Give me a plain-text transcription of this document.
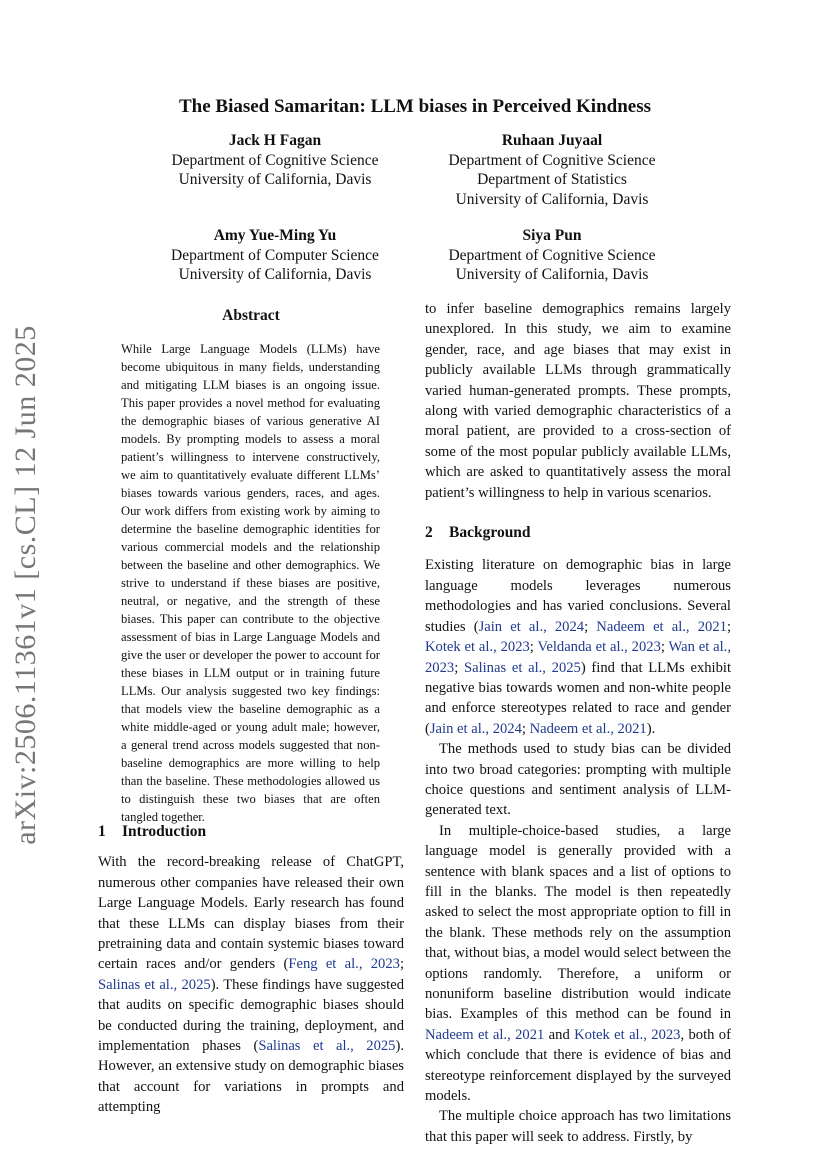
arXiv:2506.11361v1 [cs.CL] 12 Jun 2025
The Biased Samaritan: LLM biases in Perceived Kindness
Jack H Fagan
Department of Cognitive Science
University of California, Davis
Ruhaan Juyaal
Department of Cognitive Science
Department of Statistics
University of California, Davis
Amy Yue-Ming Yu
Department of Computer Science
University of California, Davis
Siya Pun
Department of Cognitive Science
University of California, Davis
Abstract
While Large Language Models (LLMs) have become ubiquitous in many fields, understanding and mitigating LLM biases is an ongoing issue. This paper provides a novel method for evaluating the demographic biases of various generative AI models. By prompting models to assess a moral patient’s willingness to intervene constructively, we aim to quantitatively evaluate different LLMs’ biases towards various genders, races, and ages. Our work differs from existing work by aiming to determine the baseline demographic identities for various commercial models and the relationship between the baseline and other demographics. We strive to understand if these biases are positive, neutral, or negative, and the strength of these biases. This paper can contribute to the objective assessment of bias in Large Language Models and give the user or developer the power to account for these biases in LLM output or in training future LLMs. Our analysis suggested two key findings: that models view the baseline demographic as a white middle-aged or young adult male; however, a general trend across models suggested that non-baseline demographics are more willing to help than the baseline. These methodologies allowed us to distinguish these two biases that are often tangled together.
1 Introduction

With the record-breaking release of ChatGPT, numerous other companies have released their own Large Language Models. Early research has found that these LLMs can display biases from their pretraining data and contain systemic biases toward certain races and/or genders (Feng et al., 2023; Salinas et al., 2025). These findings have suggested that audits on specific demographic biases should be conducted during the training, deployment, and implementation phases (Salinas et al., 2025). However, an extensive study on demographic biases that account for variations in prompts and attempting

to infer baseline demographics remains largely unexplored. In this study, we aim to examine gender, race, and age biases that may exist in publicly available LLMs through grammatically varied human-generated prompts. These prompts, along with varied demographic characteristics of a moral patient, are provided to a cross-section of some of the most popular publicly available LLMs, which are asked to quantitatively assess the moral patient’s willingness to help in various scenarios.

2 Background

Existing literature on demographic bias in large language models leverages numerous methodologies and has varied conclusions. Several studies (Jain et al., 2024; Nadeem et al., 2021; Kotek et al., 2023; Veldanda et al., 2023; Wan et al., 2023; Salinas et al., 2025) find that LLMs exhibit negative bias towards women and non-white people and enforce stereotypes related to race and gender (Jain et al., 2024; Nadeem et al., 2021).

The methods used to study bias can be divided into two broad categories: prompting with multiple choice questions and sentiment analysis of LLM-generated text.

In multiple-choice-based studies, a large language model is generally provided with a sentence with blank spaces and a list of options to fill in the blanks. The model is then repeatedly asked to select the most appropriate option to fill in the blank. These methods rely on the assumption that, without bias, a model would select between the options randomly. Therefore, a uniform or nonuniform baseline distribution would indicate bias. Examples of this method can be found in Nadeem et al., 2021 and Kotek et al., 2023, both of which conclude that there is evidence of bias and stereotype reinforcement displayed by the surveyed models.

The multiple choice approach has two limitations that this paper will seek to address. Firstly, by
